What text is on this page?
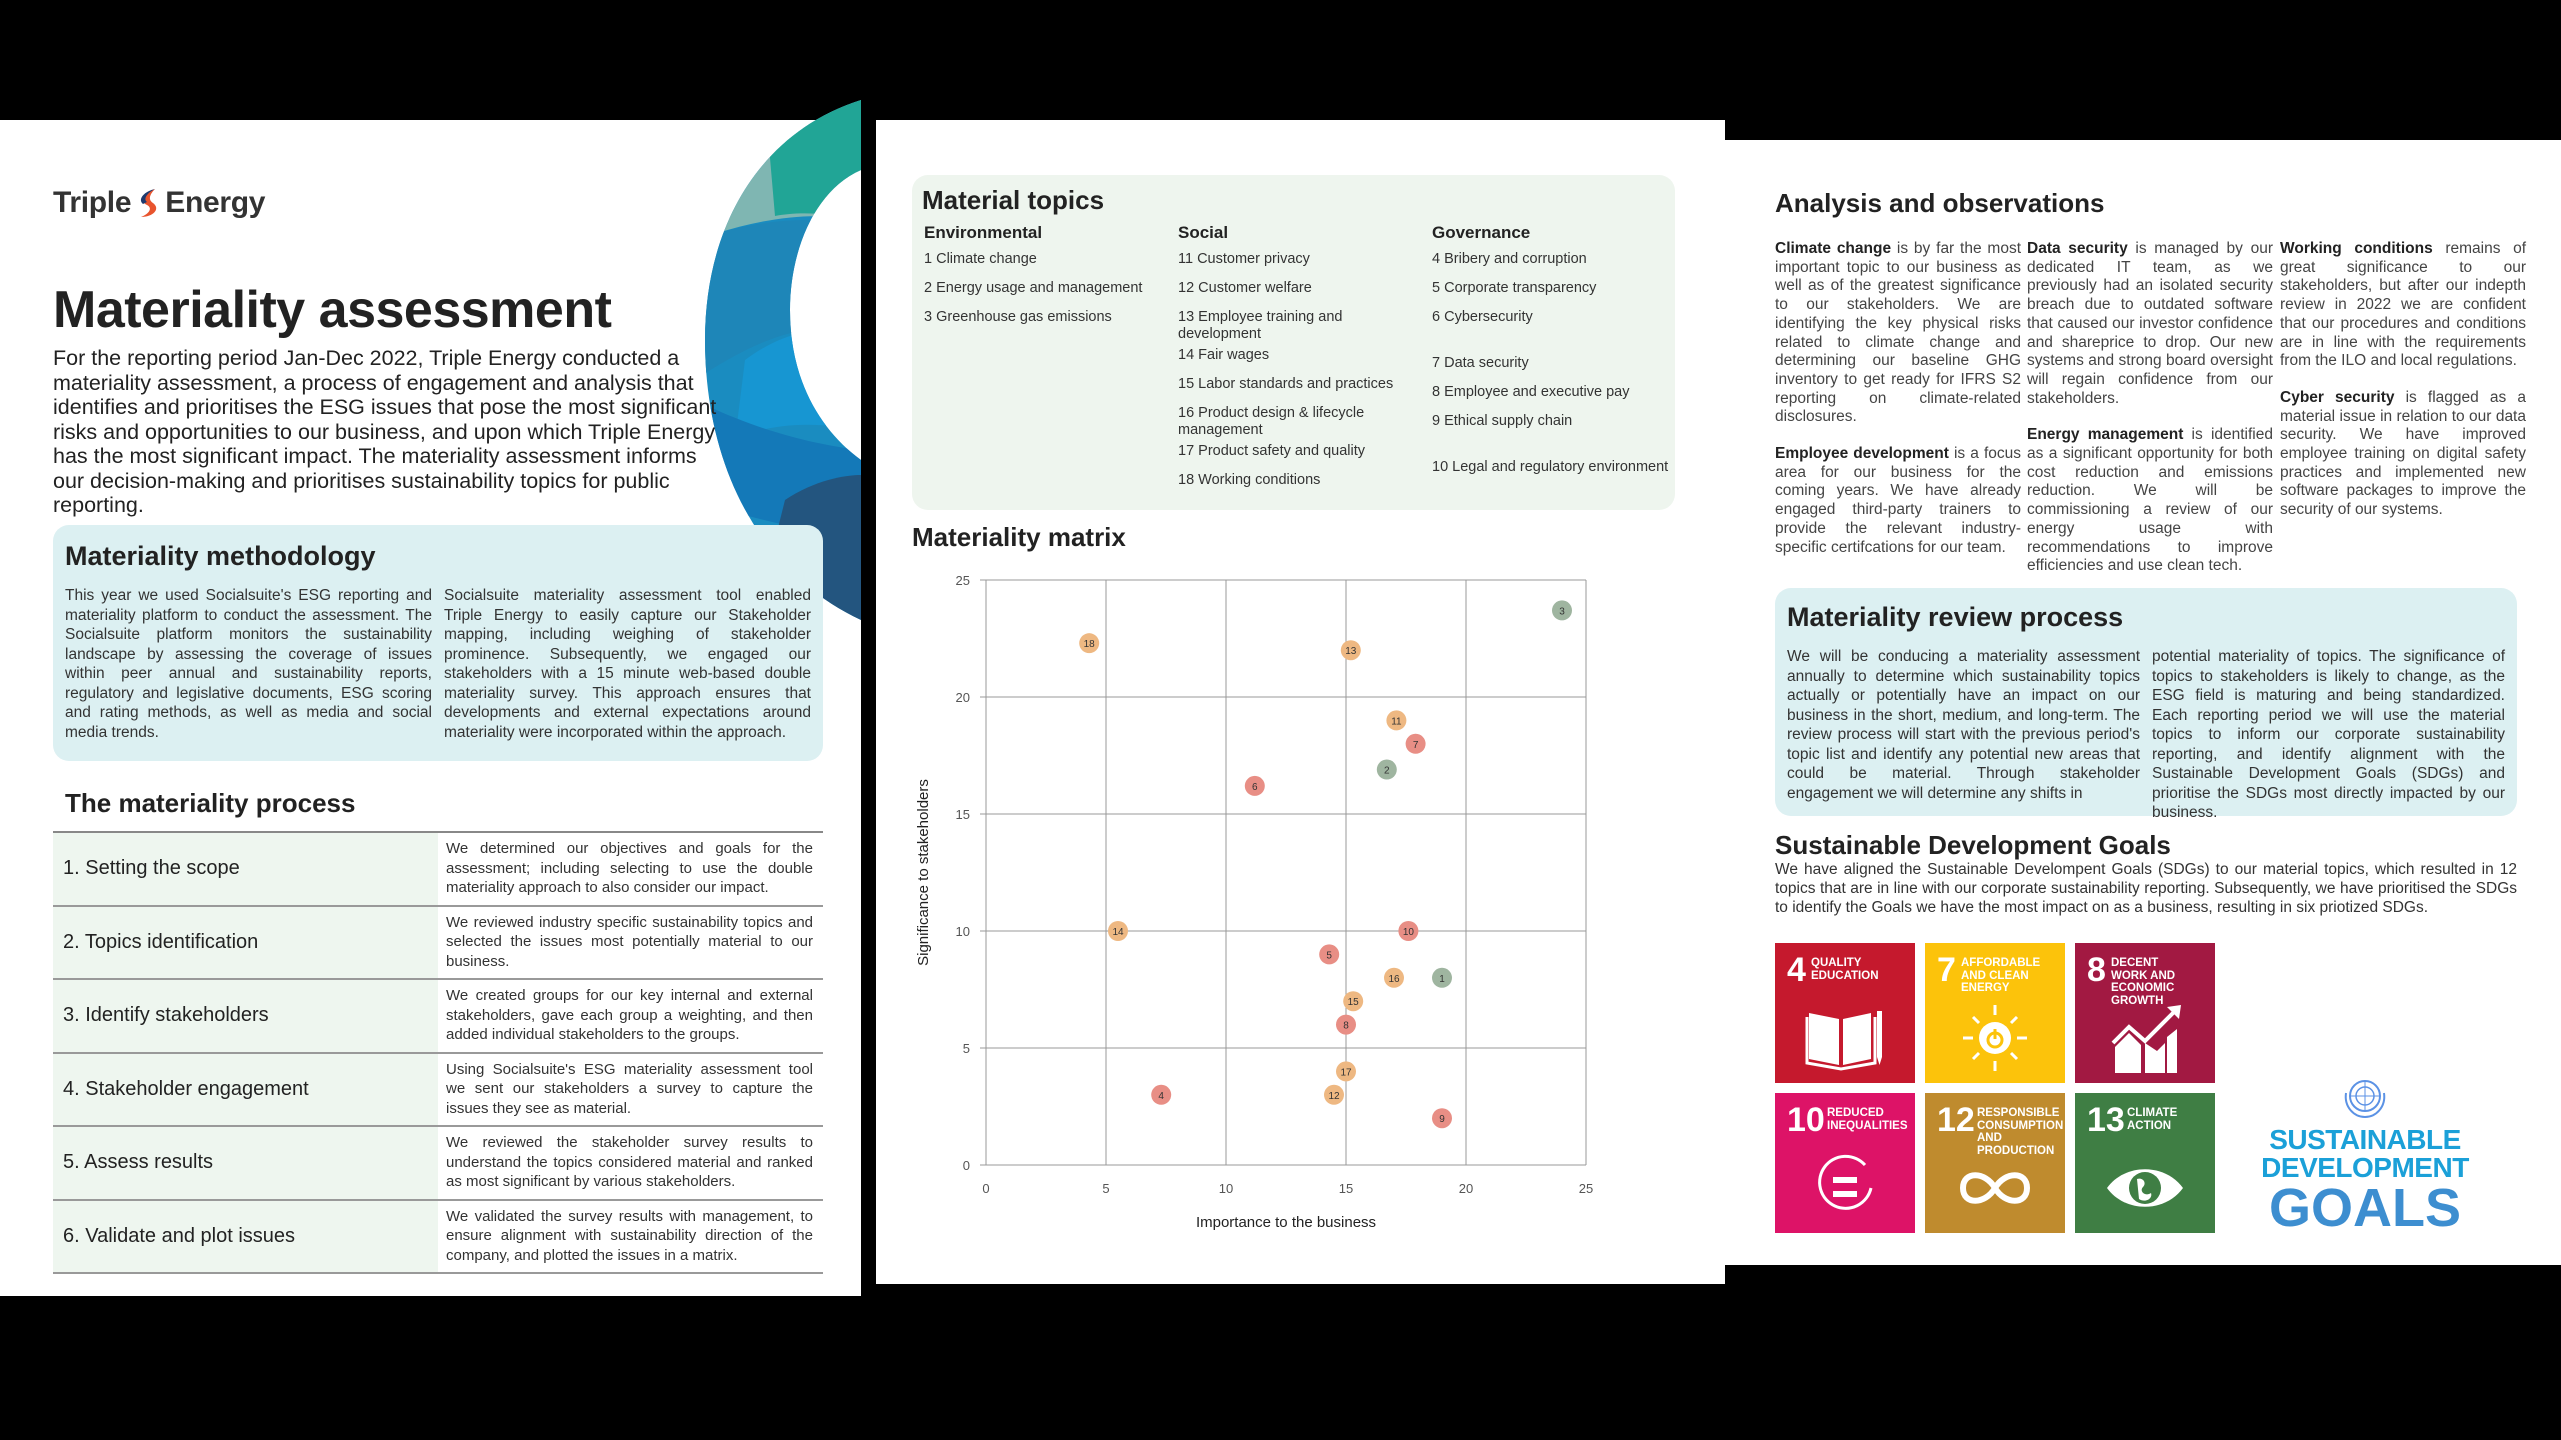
Triple Energy
Materiality assessment
For the reporting period Jan-Dec 2022, Triple Energy conducted a materiality assessment, a process of engagement and analysis that identifies and prioritises the ESG issues that pose the most significant risks and opportunities to our business, and upon which Triple Energy has the most significant impact. The materiality assessment informs our decision-making and prioritises sustainability topics for public reporting.
Materiality methodology

This year we used Socialsuite's ESG reporting and materiality platform to conduct the assessment. The Socialsuite platform monitors the sustainability landscape by assessing the coverage of issues within peer annual and sustainability reports, regulatory and legislative documents, ESG scoring and rating methods, as well as media and social media trends.

Socialsuite materiality assessment tool enabled Triple Energy to easily capture our Stakeholder mapping, including weighing of stakeholder prominence. Subsequently, we engaged our stakeholders with a 15 minute web-based double materiality survey. This approach ensures that developments and external expectations around materiality were incorporated within the approach.

The materiality process
1. Setting the scope
We determined our objectives and goals for the assessment; including selecting to use the double materiality approach to also consider our impact.
2. Topics identification
We reviewed industry specific sustainability topics and selected the issues most potentially material to our business.
3. Identify stakeholders
We created groups for our key internal and external stakeholders, gave each group a weighting, and then added individual stakeholders to the groups.
4. Stakeholder engagement
Using Socialsuite's ESG materiality assessment tool we sent our stakeholders a survey to capture the issues they see as material.
5. Assess results
We reviewed the stakeholder survey results to understand the topics considered material and ranked as most significant by various stakeholders.
6. Validate and plot issues
We validated the survey results with management, to ensure alignment with sustainability direction of the company, and plotted the issues in a matrix.
Material topics
Environmental
1 Climate change
2 Energy usage and management
3 Greenhouse gas emissions
Social
11 Customer privacy
12 Customer welfare
13 Employee training and development
14 Fair wages
15 Labor standards and practices
16 Product design & lifecycle management
17 Product safety and quality
18 Working conditions
Governance
4 Bribery and corruption
5 Corporate transparency
6 Cybersecurity
7 Data security
8 Employee and executive pay
9 Ethical supply chain
10 Legal and regulatory environment
Materiality matrix
0	5	10	15	20	25
0
5
10
15
20
25
Importance to the business
Significance to stakeholders
1
2
3
4
5
6
7
8
9
10
11
12
13
14
15
16
17
18
Analysis and observations

Climate change is by far the most important topic to our business as well as of the greatest significance to our stakeholders. We are identifying the key physical risks related to climate change and determining our baseline GHG inventory to get ready for IFRS S2 reporting on climate-related disclosures.

Employee development is a focus area for our business for the coming years. We have already engaged third-party trainers to provide the relevant industry-specific certifcations for our team.

Data security is managed by our dedicated IT team, as we previously had an isolated security breach due to outdated software that caused our investor confidence and shareprice to drop. Our new systems and strong board oversight will regain confidence from our stakeholders.

Energy management is identified as a significant opportunity for both cost reduction and emissions reduction. We will be commissioning a review of our energy usage with recommendations to improve efficiencies and use clean tech.

Working conditions remains of great significance to our stakeholders, but after our indepth review in 2022 we are confident that our procedures and conditions are in line with the requirements from the ILO and local regulations.

Cyber security is flagged as a material issue in relation to our data security. We have improved employee training on digital safety practices and implemented new software packages to improve the security of our systems.

Materiality review process

We will be conducing a materiality assessment annually to determine which sustainability topics actually or potentially have an impact on our business in the short, medium, and long-term. The review process will start with the previous period's topic list and identify any potential new areas that could be material. Through stakeholder engagement we will determine any shifts in

potential materiality of topics. The significance of topics to stakeholders is likely to change, as the ESG field is maturing and being standardized. Each reporting period we will use the material topics to inform our corporate sustainability reporting, and identify alignment with the Sustainable Development Goals (SDGs) and prioritise the SDGs most directly impacted by our business.

Sustainable Development Goals
We have aligned the Sustainable Develompent Goals (SDGs) to our material topics, which resulted in 12 topics that are in line with our corporate sustainability reporting. Subsequently, we have prioritised the SDGs to identify the Goals we have the most impact on as a business, resulting in six priotized SDGs.
4 QUALITY EDUCATION	7 AFFORDABLE AND CLEAN ENERGY	8 DECENT WORK AND ECONOMIC GROWTH
10 REDUCED INEQUALITIES 12 RESPONSIBLE CONSUMPTION AND PRODUCTION
13 CLIMATE ACTION	SUSTAINABLE
DEVELOPMENT
GOALS
